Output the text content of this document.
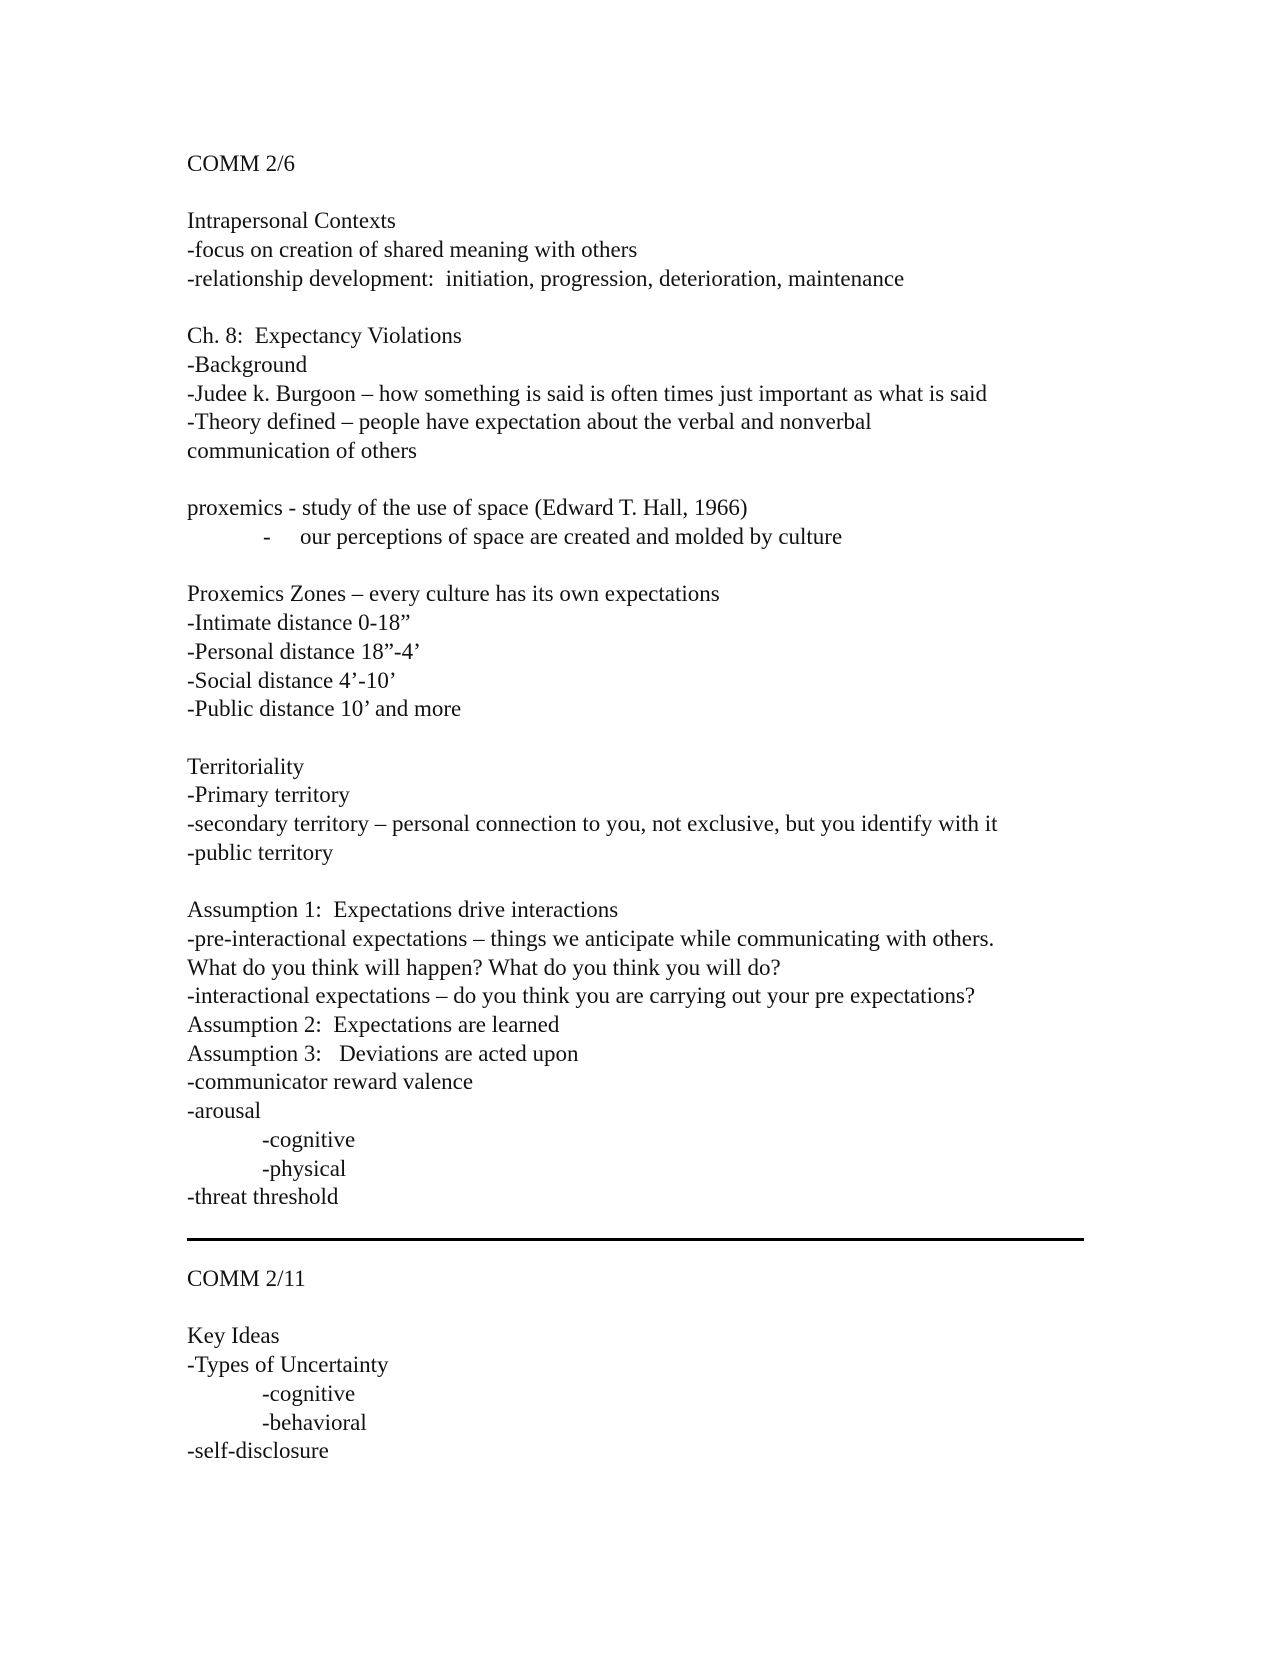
COMM 2/6
Intrapersonal Contexts
-focus on creation of shared meaning with others
-relationship development:  initiation, progression, deterioration, maintenance
Ch. 8:  Expectancy Violations
-Background
-Judee k. Burgoon – how something is said is often times just important as what is said
-Theory defined – people have expectation about the verbal and nonverbal
communication of others
proxemics - study of the use of space (Edward T. Hall, 1966)
- our perceptions of space are created and molded by culture
Proxemics Zones – every culture has its own expectations
-Intimate distance 0-18”
-Personal distance 18”-4’
-Social distance 4’-10’
-Public distance 10’ and more
Territoriality
-Primary territory
-secondary territory – personal connection to you, not exclusive, but you identify with it
-public territory
Assumption 1:  Expectations drive interactions
-pre-interactional expectations – things we anticipate while communicating with others.
What do you think will happen? What do you think you will do?
-interactional expectations – do you think you are carrying out your pre expectations?
Assumption 2:  Expectations are learned
Assumption 3:   Deviations are acted upon
-communicator reward valence
-arousal
-cognitive
-physical
-threat threshold
COMM 2/11
Key Ideas
-Types of Uncertainty
-cognitive
-behavioral
-self-disclosure
